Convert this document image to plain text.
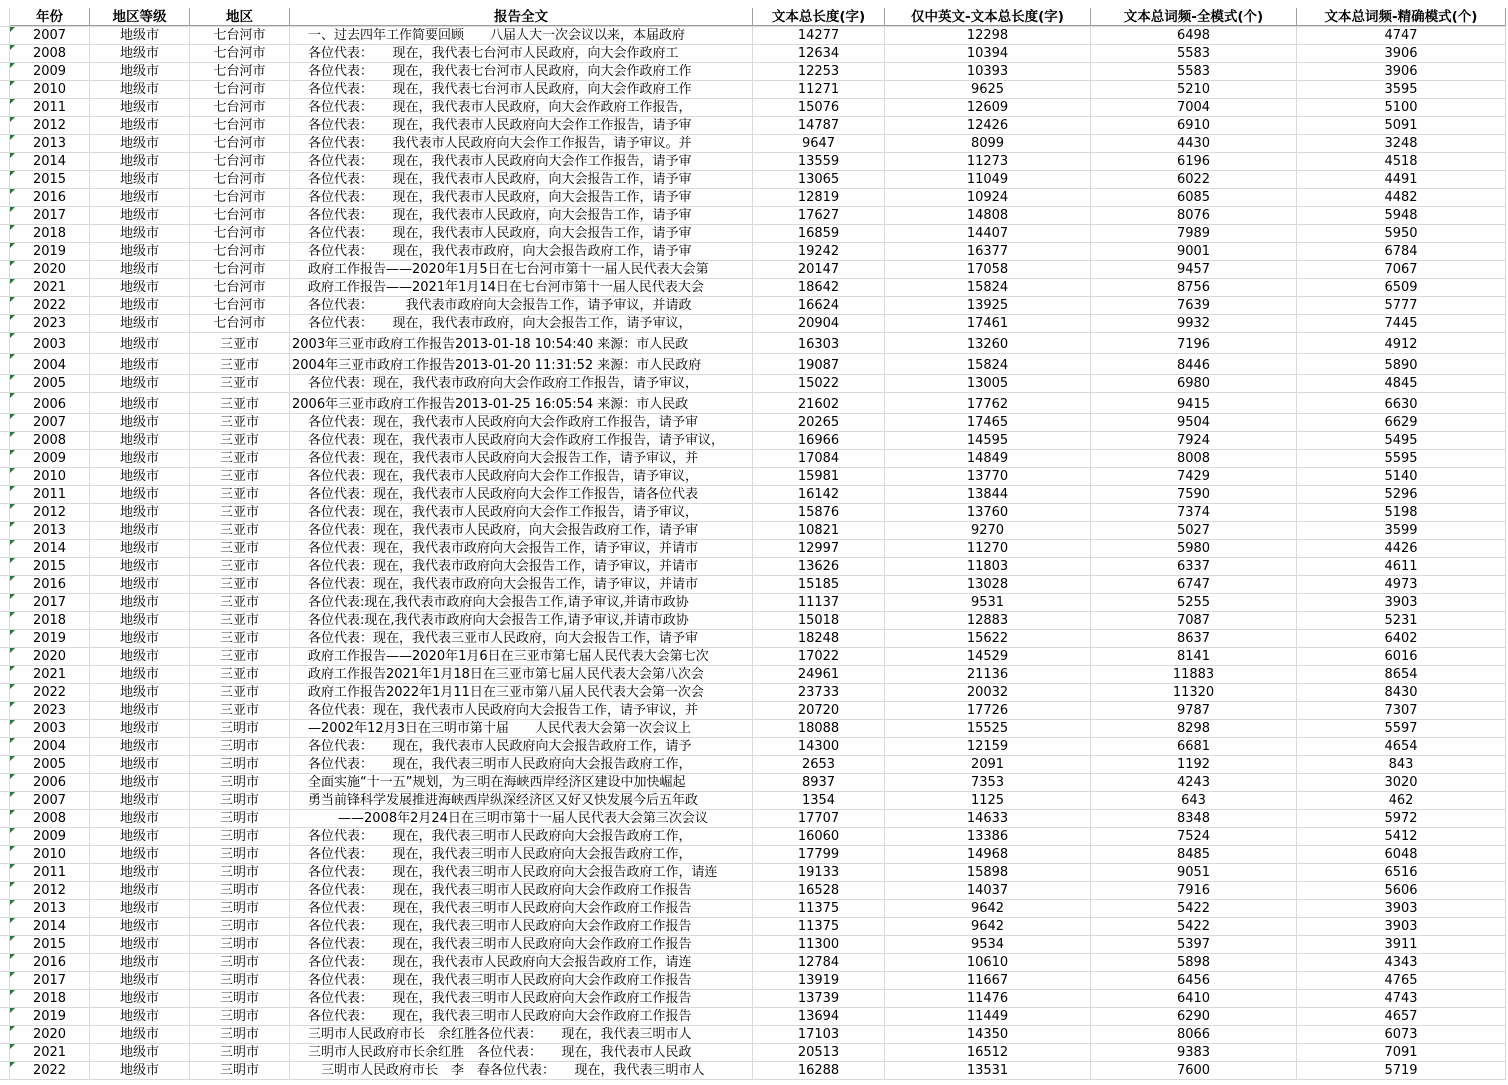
年份	地区等级	地区	报告全文	文本总长度(字)	仅中英文-文本总长度(字)	文本总词频-全模式(个)	文本总词频-精确模式(个)
2007	地级市	七台河市	一、过去四年工作简要回顾　　八届人大一次会议以来，本届政府	14277	12298	6498	4747
2008	地级市	七台河市	各位代表：　　现在，我代表七台河市人民政府，向大会作政府工	12634	10394	5583	3906
2009	地级市	七台河市	各位代表：　　现在，我代表七台河市人民政府，向大会作政府工作	12253	10393	5583	3906
2010	地级市	七台河市	各位代表：　　现在，我代表七台河市人民政府，向大会作政府工作	11271	9625	5210	3595
2011	地级市	七台河市	各位代表：　　现在，我代表市人民政府，向大会作政府工作报告，	15076	12609	7004	5100
2012	地级市	七台河市	各位代表：　　现在，我代表市人民政府向大会作工作报告，请予审	14787	12426	6910	5091
2013	地级市	七台河市	各位代表：　　我代表市人民政府向大会作工作报告，请予审议。并	9647	8099	4430	3248
2014	地级市	七台河市	各位代表：　　现在，我代表市人民政府向大会作工作报告，请予审	13559	11273	6196	4518
2015	地级市	七台河市	各位代表：　　现在，我代表市人民政府，向大会报告工作，请予审	13065	11049	6022	4491
2016	地级市	七台河市	各位代表：　　现在，我代表市人民政府，向大会报告工作，请予审	12819	10924	6085	4482
2017	地级市	七台河市	各位代表：　　现在，我代表市人民政府，向大会报告工作，请予审	17627	14808	8076	5948
2018	地级市	七台河市	各位代表：　　现在，我代表市人民政府，向大会报告工作，请予审	16859	14407	7989	5950
2019	地级市	七台河市	各位代表：　　现在，我代表市政府，向大会报告政府工作，请予审	19242	16377	9001	6784
2020	地级市	七台河市	政府工作报告——2020年1月5日在七台河市第十一届人民代表大会第	20147	17058	9457	7067
2021	地级市	七台河市	政府工作报告——2021年1月14日在七台河市第十一届人民代表大会	18642	15824	8756	6509
2022	地级市	七台河市	各位代表：　　　我代表市政府向大会报告工作，请予审议，并请政	16624	13925	7639	5777
2023	地级市	七台河市	各位代表：　　现在，我代表市政府，向大会报告工作，请予审议，	20904	17461	9932	7445
2003	地级市	三亚市	2003年三亚市政府工作报告2013-01-18 10:54:40 来源：市人民政	16303	13260	7196	4912
2004	地级市	三亚市	2004年三亚市政府工作报告2013-01-20 11:31:52 来源：市人民政府	19087	15824	8446	5890
2005	地级市	三亚市	各位代表：现在，我代表市政府向大会作政府工作报告，请予审议，	15022	13005	6980	4845
2006	地级市	三亚市	2006年三亚市政府工作报告2013-01-25 16:05:54 来源：市人民政	21602	17762	9415	6630
2007	地级市	三亚市	各位代表：现在，我代表市人民政府向大会作政府工作报告，请予审	20265	17465	9504	6629
2008	地级市	三亚市	各位代表：现在，我代表市人民政府向大会作政府工作报告，请予审议，	16966	14595	7924	5495
2009	地级市	三亚市	各位代表：现在，我代表市人民政府向大会报告工作，请予审议，并	17084	14849	8008	5595
2010	地级市	三亚市	各位代表：现在，我代表市人民政府向大会作工作报告，请予审议，	15981	13770	7429	5140
2011	地级市	三亚市	各位代表：现在，我代表市人民政府向大会作工作报告，请各位代表	16142	13844	7590	5296
2012	地级市	三亚市	各位代表：现在，我代表市人民政府向大会作工作报告，请予审议，	15876	13760	7374	5198
2013	地级市	三亚市	各位代表：现在，我代表市人民政府，向大会报告政府工作，请予审	10821	9270	5027	3599
2014	地级市	三亚市	各位代表：现在，我代表市政府向大会报告工作，请予审议，并请市	12997	11270	5980	4426
2015	地级市	三亚市	各位代表：现在，我代表市政府向大会报告工作，请予审议，并请市	13626	11803	6337	4611
2016	地级市	三亚市	各位代表：现在，我代表市政府向大会报告工作，请予审议，并请市	15185	13028	6747	4973
2017	地级市	三亚市	各位代表:现在,我代表市政府向大会报告工作,请予审议,并请市政协	11137	9531	5255	3903
2018	地级市	三亚市	各位代表:现在,我代表市政府向大会报告工作,请予审议,并请市政协	15018	12883	7087	5231
2019	地级市	三亚市	各位代表：现在，我代表三亚市人民政府，向大会报告工作，请予审	18248	15622	8637	6402
2020	地级市	三亚市	政府工作报告——2020年1月6日在三亚市第七届人民代表大会第七次	17022	14529	8141	6016
2021	地级市	三亚市	政府工作报告2021年1月18日在三亚市第七届人民代表大会第八次会	24961	21136	11883	8654
2022	地级市	三亚市	政府工作报告2022年1月11日在三亚市第八届人民代表大会第一次会	23733	20032	11320	8430
2023	地级市	三亚市	各位代表：现在，我代表市人民政府向大会报告工作，请予审议，并	20720	17726	9787	7307
2003	地级市	三明市	—2002年12月3日在三明市第十届　　人民代表大会第一次会议上　	18088	15525	8298	5597
2004	地级市	三明市	各位代表：　　现在，我代表市人民政府向大会报告政府工作，请予	14300	12159	6681	4654
2005	地级市	三明市	各位代表：　　现在，我代表三明市人民政府向大会报告政府工作，	2653	2091	1192	843
2006	地级市	三明市	全面实施“十一五”规划，为三明在海峡西岸经济区建设中加快崛起	8937	7353	4243	3020
2007	地级市	三明市	勇当前锋科学发展推进海峡西岸纵深经济区又好又快发展今后五年政	1354	1125	643	462
2008	地级市	三明市	——2008年2月24日在三明市第十一届人民代表大会第三次会议	17707	14633	8348	5972
2009	地级市	三明市	各位代表：　　现在，我代表三明市人民政府向大会报告政府工作，	16060	13386	7524	5412
2010	地级市	三明市	各位代表：　　现在，我代表三明市人民政府向大会报告政府工作，	17799	14968	8485	6048
2011	地级市	三明市	各位代表：　　现在，我代表三明市人民政府向大会报告政府工作，请连	19133	15898	9051	6516
2012	地级市	三明市	各位代表：　　现在，我代表三明市人民政府向大会作政府工作报告	16528	14037	7916	5606
2013	地级市	三明市	各位代表：　　现在，我代表三明市人民政府向大会作政府工作报告	11375	9642	5422	3903
2014	地级市	三明市	各位代表：　　现在，我代表三明市人民政府向大会作政府工作报告	11375	9642	5422	3903
2015	地级市	三明市	各位代表：　　现在，我代表三明市人民政府向大会作政府工作报告	11300	9534	5397	3911
2016	地级市	三明市	各位代表：　　现在，我代表市人民政府向大会报告政府工作，请连	12784	10610	5898	4343
2017	地级市	三明市	各位代表：　　现在，我代表三明市人民政府向大会作政府工作报告	13919	11667	6456	4765
2018	地级市	三明市	各位代表：　　现在，我代表三明市人民政府向大会作政府工作报告	13739	11476	6410	4743
2019	地级市	三明市	各位代表：　　现在，我代表三明市人民政府向大会作政府工作报告	13694	11449	6290	4657
2020	地级市	三明市	三明市人民政府市长　余红胜各位代表：　　现在，我代表三明市人	17103	14350	8066	6073
2021	地级市	三明市	三明市人民政府市长余红胜　各位代表：　　现在，我代表市人民政	20513	16512	9383	7091
2022	地级市	三明市	　三明市人民政府市长　李　春各位代表：　　现在，我代表三明市人	16288	13531	7600	5719
